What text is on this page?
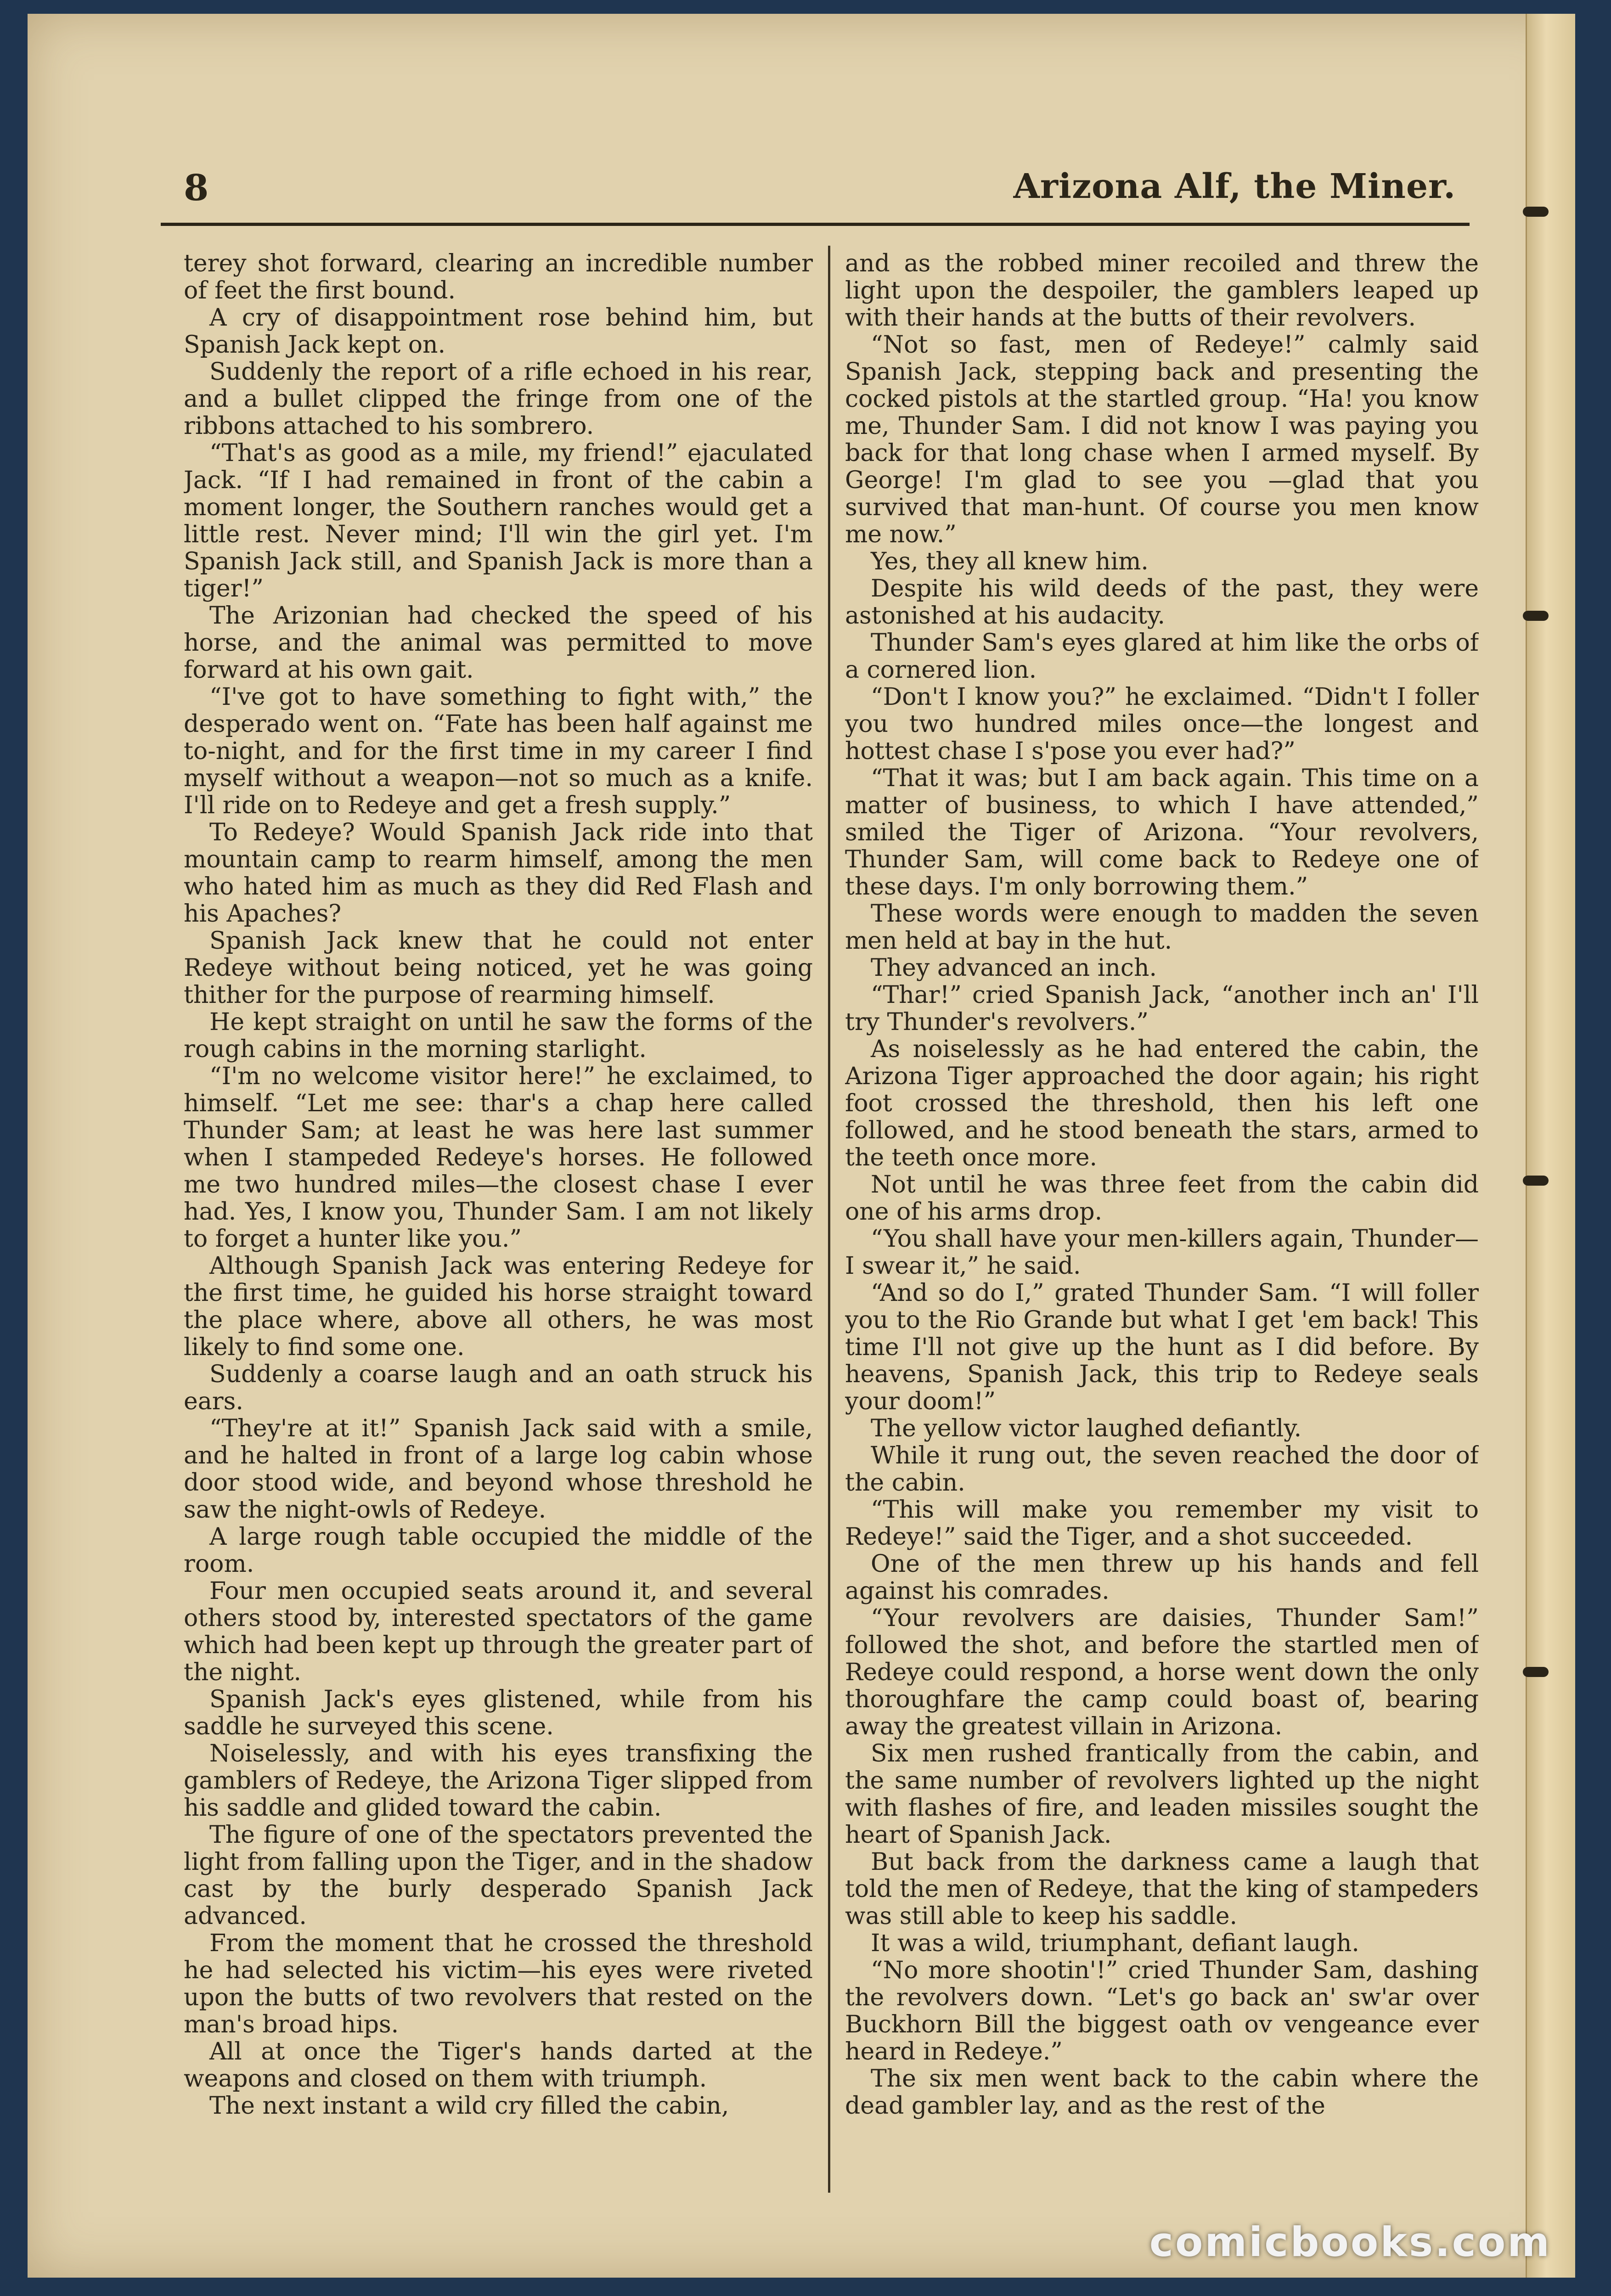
8	Arizona Alf, the Miner.

terey shot forward, clearing an incredible number of feet the first bound.

A cry of disappointment rose behind him, but Spanish Jack kept on.

Suddenly the report of a rifle echoed in his rear, and a bullet clipped the fringe from one of the ribbons attached to his sombrero.

“That's as good as a mile, my friend!” ejaculated Jack. “If I had remained in front of the cabin a moment longer, the Southern ranches would get a little rest. Never mind; I'll win the girl yet. I'm Spanish Jack still, and Spanish Jack is more than a tiger!”

The Arizonian had checked the speed of his horse, and the animal was permitted to move forward at his own gait.

“I've got to have something to fight with,” the desperado went on. “Fate has been half against me to-night, and for the first time in my career I find myself without a weapon—not so much as a knife. I'll ride on to Redeye and get a fresh supply.”

To Redeye? Would Spanish Jack ride into that mountain camp to rearm himself, among the men who hated him as much as they did Red Flash and his Apaches?

Spanish Jack knew that he could not enter Redeye without being noticed, yet he was going thither for the purpose of rearming himself.

He kept straight on until he saw the forms of the rough cabins in the morning starlight.

“I'm no welcome visitor here!” he exclaimed, to himself. “Let me see: thar's a chap here called Thunder Sam; at least he was here last summer when I stampeded Redeye's horses. He followed me two hundred miles—the closest chase I ever had. Yes, I know you, Thunder Sam. I am not likely to forget a hunter like you.”

Although Spanish Jack was entering Redeye for the first time, he guided his horse straight toward the place where, above all others, he was most likely to find some one.

Suddenly a coarse laugh and an oath struck his ears.

“They're at it!” Spanish Jack said with a smile, and he halted in front of a large log cabin whose door stood wide, and beyond whose threshold he saw the night-owls of Redeye.

A large rough table occupied the middle of the room.

Four men occupied seats around it, and several others stood by, interested spectators of the game which had been kept up through the greater part of the night.

Spanish Jack's eyes glistened, while from his saddle he surveyed this scene.

Noiselessly, and with his eyes transfixing the gamblers of Redeye, the Arizona Tiger slipped from his saddle and glided toward the cabin.

The figure of one of the spectators prevented the light from falling upon the Tiger, and in the shadow cast by the burly desperado Spanish Jack advanced.

From the moment that he crossed the threshold he had selected his victim—his eyes were riveted upon the butts of two revolvers that rested on the man's broad hips.

All at once the Tiger's hands darted at the weapons and closed on them with triumph.

The next instant a wild cry filled the cabin,

and as the robbed miner recoiled and threw the light upon the despoiler, the gamblers leaped up with their hands at the butts of their revolvers.

“Not so fast, men of Redeye!” calmly said Spanish Jack, stepping back and presenting the cocked pistols at the startled group. “Ha! you know me, Thunder Sam. I did not know I was paying you back for that long chase when I armed myself. By George! I'm glad to see you —glad that you survived that man-hunt. Of course you men know me now.”

Yes, they all knew him.

Despite his wild deeds of the past, they were astonished at his audacity.

Thunder Sam's eyes glared at him like the orbs of a cornered lion.

“Don't I know you?” he exclaimed. “Didn't I foller you two hundred miles once—the longest and hottest chase I s'pose you ever had?”

“That it was; but I am back again. This time on a matter of business, to which I have attended,” smiled the Tiger of Arizona. “Your revolvers, Thunder Sam, will come back to Redeye one of these days. I'm only borrowing them.”

These words were enough to madden the seven men held at bay in the hut.

They advanced an inch.

“Thar!” cried Spanish Jack, “another inch an' I'll try Thunder's revolvers.”

As noiselessly as he had entered the cabin, the Arizona Tiger approached the door again; his right foot crossed the threshold, then his left one followed, and he stood beneath the stars, armed to the teeth once more.

Not until he was three feet from the cabin did one of his arms drop.

“You shall have your men-killers again, Thunder—I swear it,” he said.

“And so do I,” grated Thunder Sam. “I will foller you to the Rio Grande but what I get 'em back! This time I'll not give up the hunt as I did before. By heavens, Spanish Jack, this trip to Redeye seals your doom!”

The yellow victor laughed defiantly.

While it rung out, the seven reached the door of the cabin.

“This will make you remember my visit to Redeye!” said the Tiger, and a shot succeeded.

One of the men threw up his hands and fell against his comrades.

“Your revolvers are daisies, Thunder Sam!” followed the shot, and before the startled men of Redeye could respond, a horse went down the only thoroughfare the camp could boast of, bearing away the greatest villain in Arizona.

Six men rushed frantically from the cabin, and the same number of revolvers lighted up the night with flashes of fire, and leaden missiles sought the heart of Spanish Jack.

But back from the darkness came a laugh that told the men of Redeye, that the king of stampeders was still able to keep his saddle.

It was a wild, triumphant, defiant laugh.

“No more shootin'!” cried Thunder Sam, dashing the revolvers down. “Let's go back an' sw'ar over Buckhorn Bill the biggest oath ov vengeance ever heard in Redeye.”

The six men went back to the cabin where the dead gambler lay, and as the rest of the

comicbooks.com
